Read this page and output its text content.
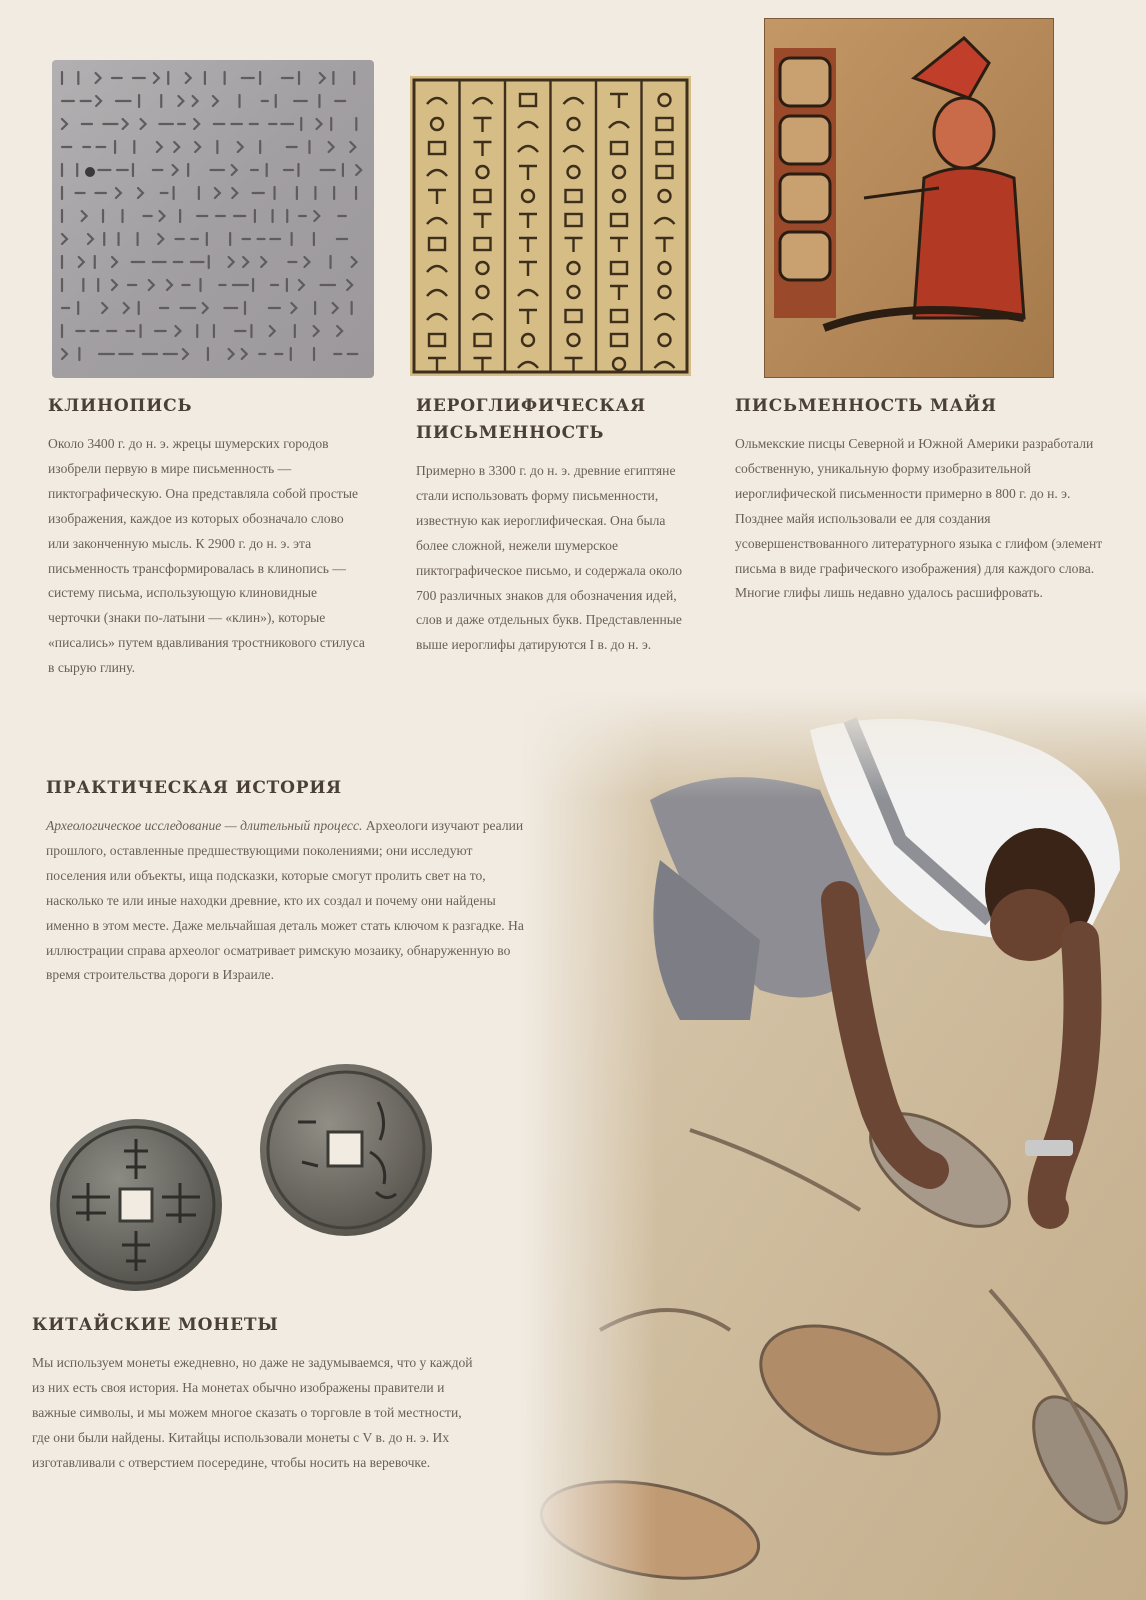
КЛИНОПИСЬ
Около 3400 г. до н. э. жрецы шумерских городов изобрели первую в мире письменность — пиктографическую. Она представляла собой простые изображения, каждое из которых обозначало слово или законченную мысль. К 2900 г. до н. э. эта письменность трансформировалась в клинопись — систему письма, использующую клиновидные черточки (знаки по-латыни — «клин»), которые «писались» путем вдавливания тростникового стилуса в сырую глину.
ИЕРОГЛИФИЧЕСКАЯ ПИСЬМЕННОСТЬ
Примерно в 3300 г. до н. э. древние египтяне стали использовать форму письменности, известную как иероглифическая. Она была более сложной, нежели шумерское пиктографическое письмо, и содержала около 700 различных знаков для обозначения идей, слов и даже отдельных букв. Представленные выше иероглифы датируются I в. до н. э.
ПИСЬМЕННОСТЬ МАЙЯ
Ольмекские писцы Северной и Южной Америки разработали собственную, уникальную форму изобразительной иероглифической письменности примерно в 800 г. до н. э. Позднее майя использовали ее для создания усовершенствованного литературного языка с глифом (элемент письма в виде графического изображения) для каждого слова. Многие глифы лишь недавно удалось расшифровать.
ПРАКТИЧЕСКАЯ ИСТОРИЯ
Археологическое исследование — длительный процесс. Археологи изучают реалии прошлого, оставленные предшествующими поколениями; они исследуют поселения или объекты, ища подсказки, которые смогут пролить свет на то, насколько те или иные находки древние, кто их создал и почему они найдены именно в этом месте. Даже мельчайшая деталь может стать ключом к разгадке. На иллюстрации справа археолог осматривает римскую мозаику, обнаруженную во время строительства дороги в Израиле.
КИТАЙСКИЕ МОНЕТЫ
Мы используем монеты ежедневно, но даже не задумываемся, что у каждой из них есть своя история. На монетах обычно изображены правители и важные символы, и мы можем многое сказать о торговле в той местности, где они были найдены. Китайцы использовали монеты с V в. до н. э. Их изготавливали с отверстием посередине, чтобы носить на веревочке.
